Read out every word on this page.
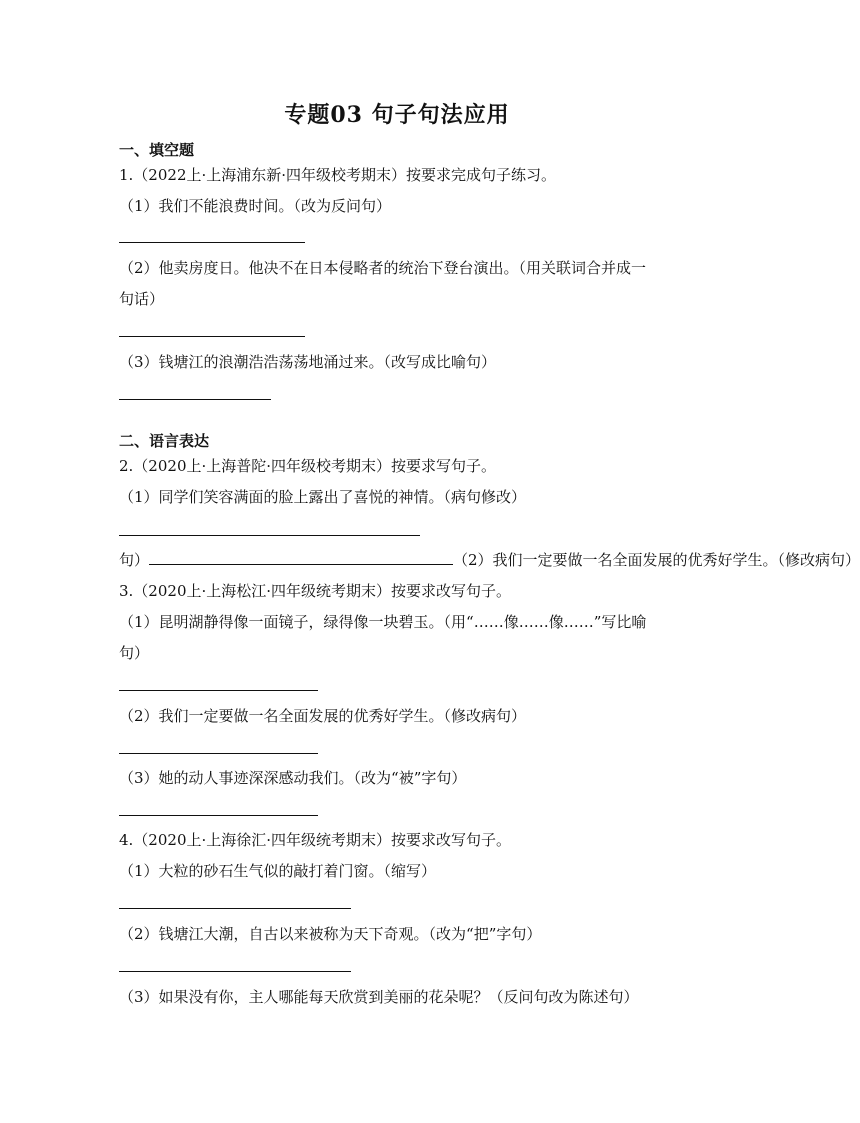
专题03 句子句法应用
一、填空题
1.（2022上·上海浦东新·四年级校考期末）按要求完成句子练习。
（1）我们不能浪费时间。（改为反问句）
（2）他卖房度日。他决不在日本侵略者的统治下登台演出。（用关联词合并成一
句话）
（3）钱塘江的浪潮浩浩荡荡地涌过来。（改写成比喻句）
二、语言表达
2.（2020上·上海普陀·四年级校考期末）按要求写句子。
（1）同学们笑容满面的脸上露出了喜悦的神情。（病句修改）
句）	（2）我们一定要做一名全面发展的优秀好学生。（修改病句）
3.（2020上·上海松江·四年级统考期末）按要求改写句子。
（1）昆明湖静得像一面镜子，绿得像一块碧玉。（用“……像……像……”写比喻
句）
（2）我们一定要做一名全面发展的优秀好学生。（修改病句）
（3）她的动人事迹深深感动我们。（改为“被”字句）
4.（2020上·上海徐汇·四年级统考期末）按要求改写句子。
（1）大粒的砂石生气似的敲打着门窗。（缩写）
（2）钱塘江大潮，自古以来被称为天下奇观。（改为“把”字句）
（3）如果没有你，主人哪能每天欣赏到美丽的花朵呢？（反问句改为陈述句）
